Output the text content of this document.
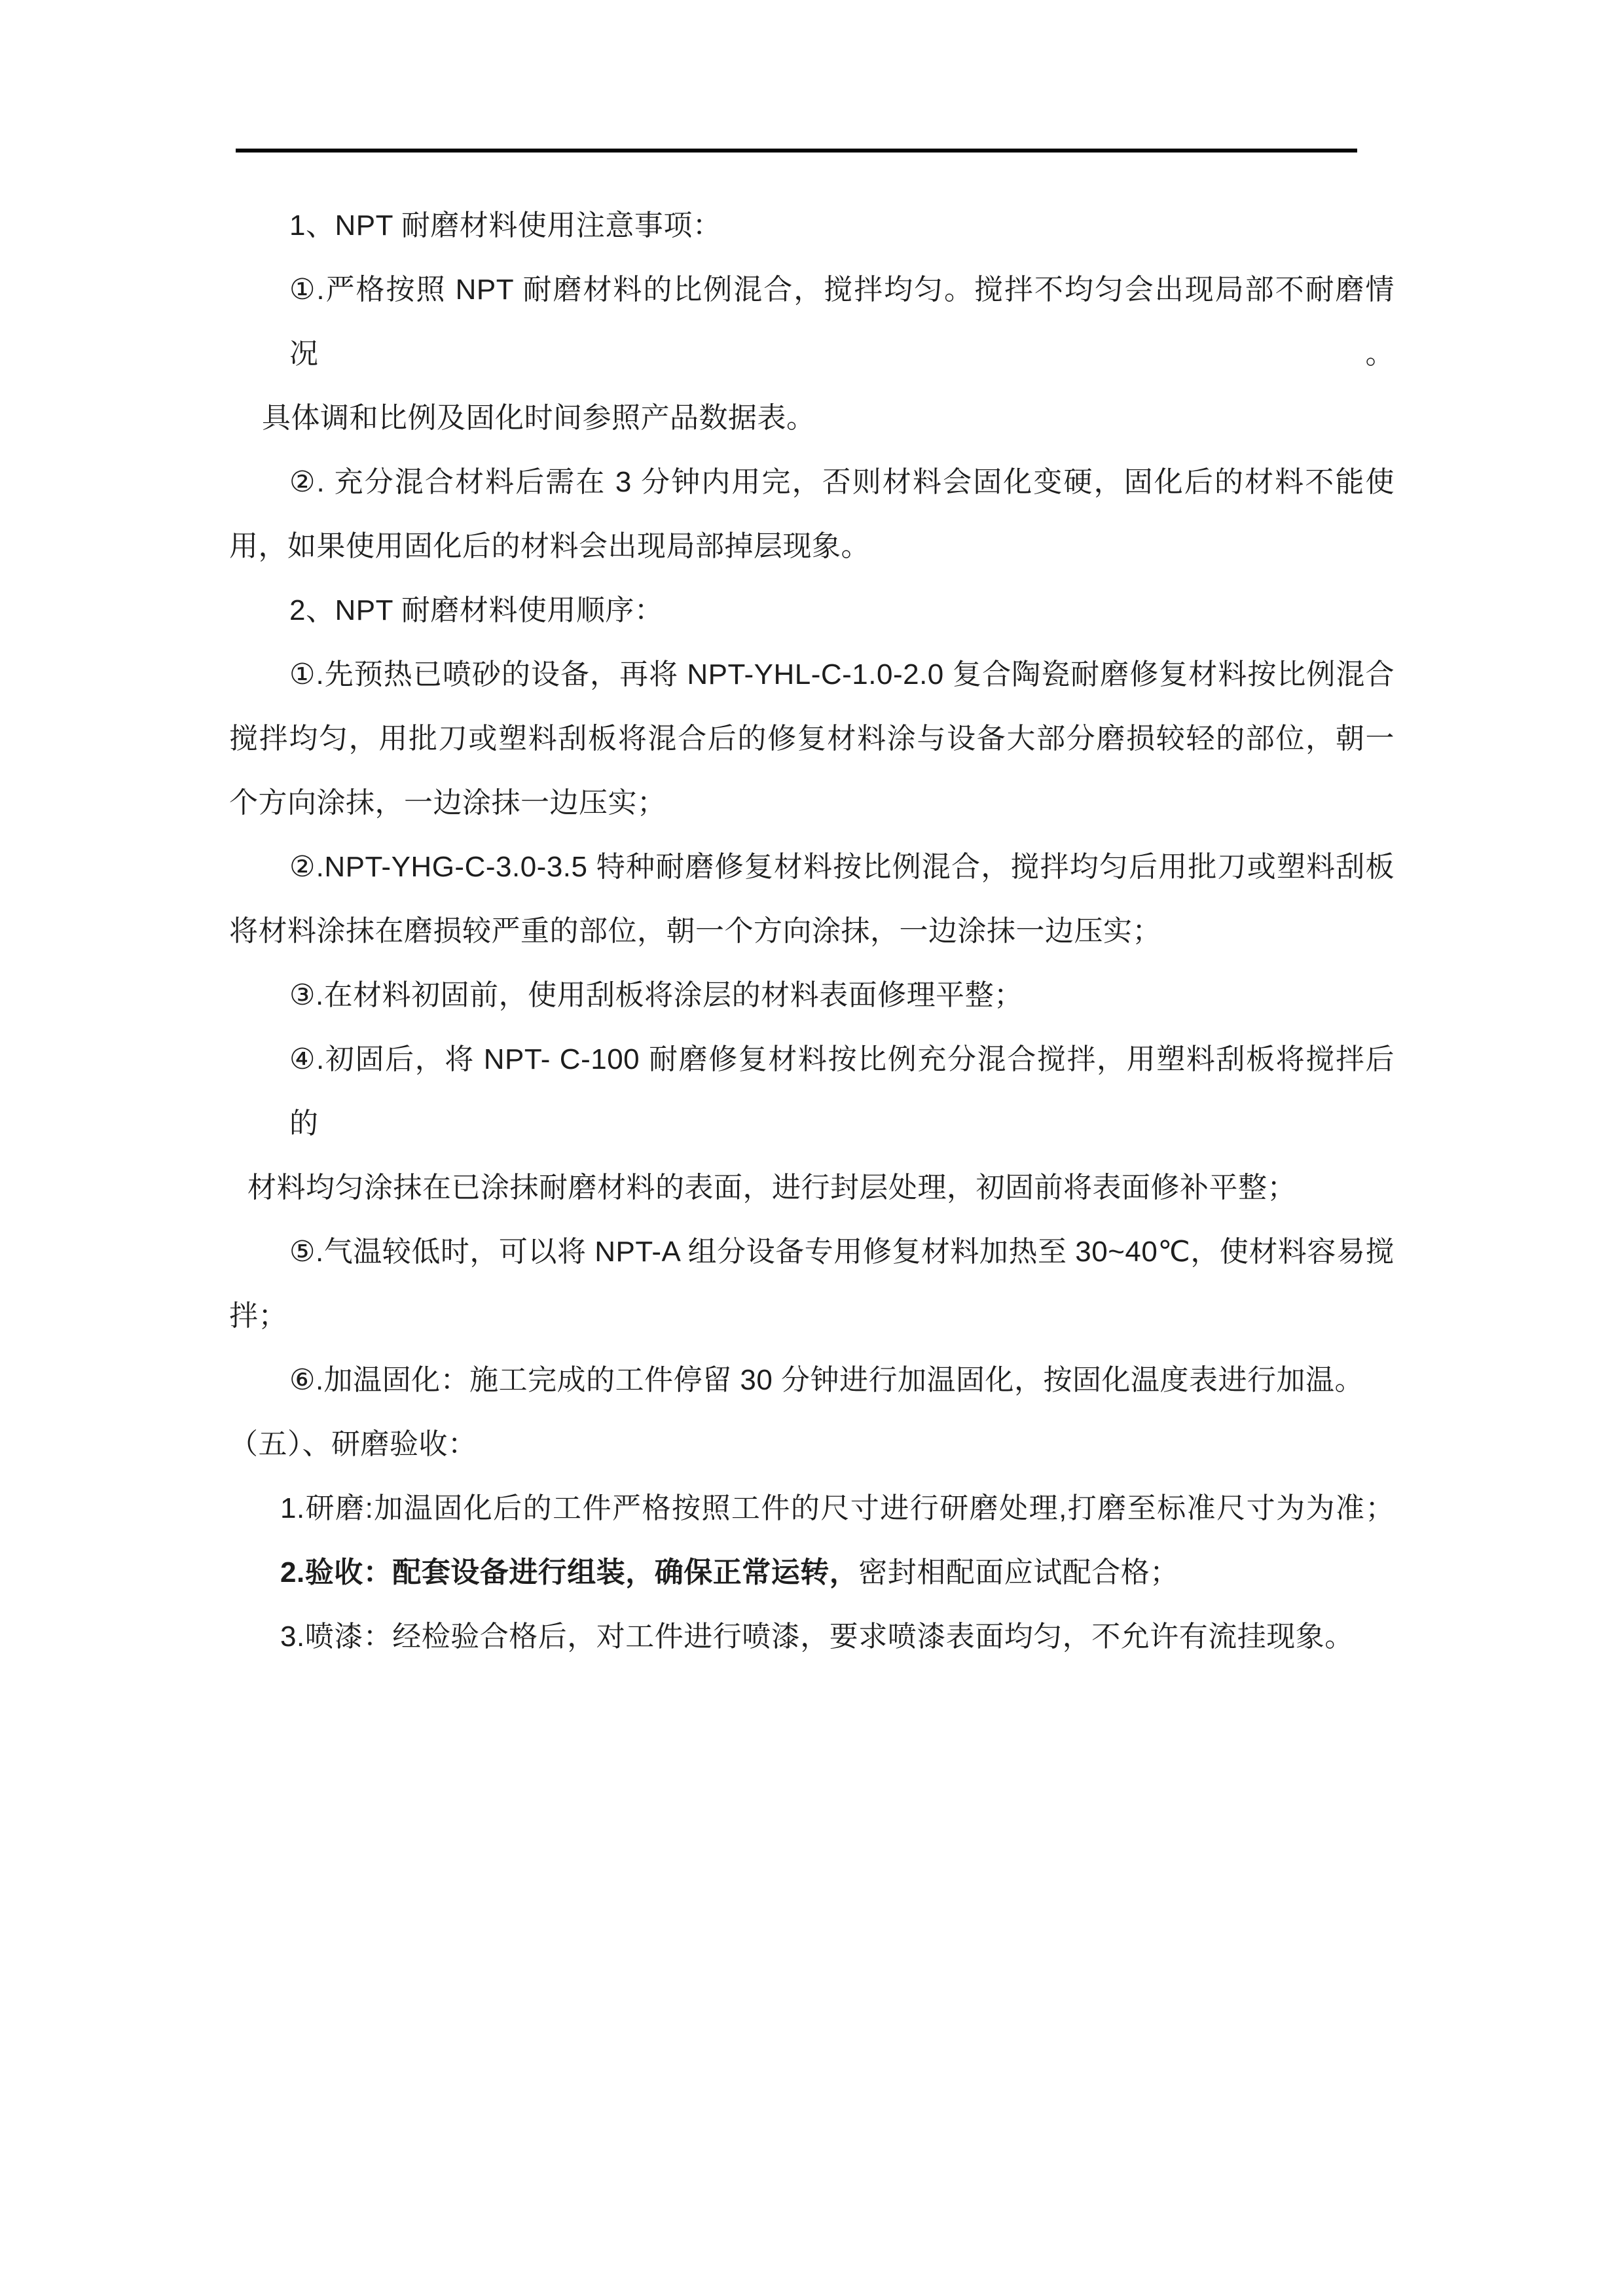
1、NPT 耐磨材料使用注意事项：

①.严格按照 NPT 耐磨材料的比例混合，搅拌均匀。搅拌不均匀会出现局部不耐磨情况。

具体调和比例及固化时间参照产品数据表。

②. 充分混合材料后需在 3 分钟内用完，否则材料会固化变硬，固化后的材料不能使

用，如果使用固化后的材料会出现局部掉层现象。

2、NPT 耐磨材料使用顺序：

①.先预热已喷砂的设备，再将 NPT-YHL-C-1.0-2.0 复合陶瓷耐磨修复材料按比例混合

搅拌均匀，用批刀或塑料刮板将混合后的修复材料涂与设备大部分磨损较轻的部位，朝一

个方向涂抹，一边涂抹一边压实；

②.NPT-YHG-C-3.0-3.5 特种耐磨修复材料按比例混合，搅拌均匀后用批刀或塑料刮板

将材料涂抹在磨损较严重的部位，朝一个方向涂抹，一边涂抹一边压实；

③.在材料初固前，使用刮板将涂层的材料表面修理平整；

④.初固后，将 NPT- C-100 耐磨修复材料按比例充分混合搅拌，用塑料刮板将搅拌后的

材料均匀涂抹在已涂抹耐磨材料的表面，进行封层处理，初固前将表面修补平整；

⑤.气温较低时，可以将 NPT-A 组分设备专用修复材料加热至 30~40℃，使材料容易搅

拌；

⑥.加温固化：施工完成的工件停留 30 分钟进行加温固化，按固化温度表进行加温。

（五）、研磨验收：

1.研磨:加温固化后的工件严格按照工件的尺寸进行研磨处理,打磨至标准尺寸为为准；

2.验收：配套设备进行组装，确保正常运转，密封相配面应试配合格；

3.喷漆：经检验合格后，对工件进行喷漆，要求喷漆表面均匀，不允许有流挂现象。
